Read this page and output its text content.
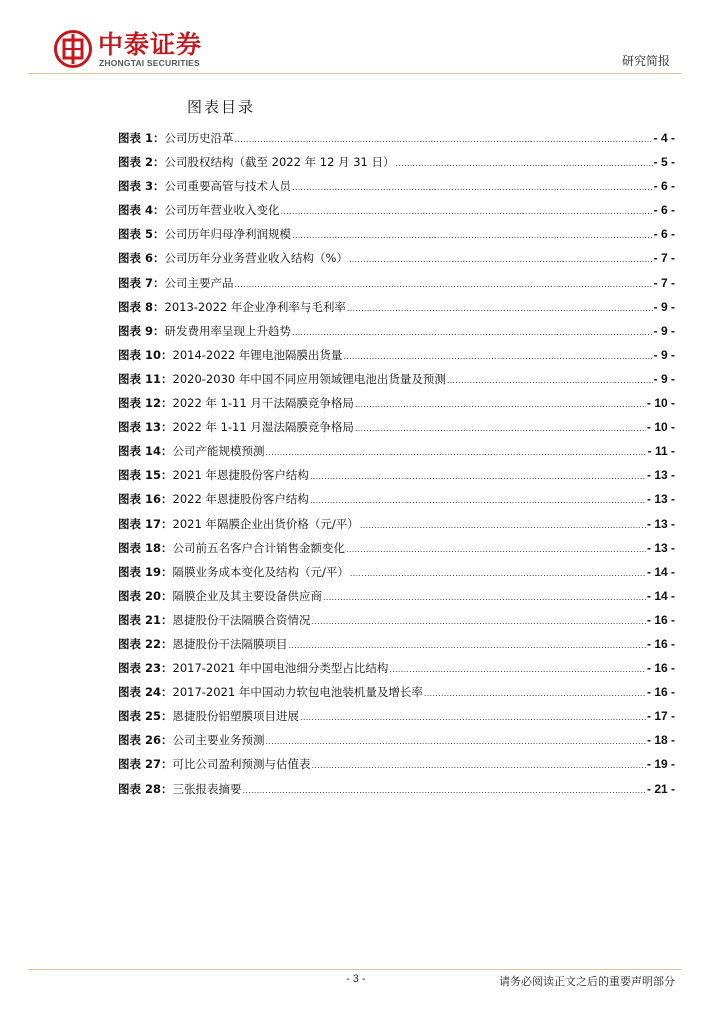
中泰证券
ZHONGTAI SECURITIES	研究简报
图表目录
图表 1：公司历史沿革 .....	- 4 -
图表 2：公司股权结构（截至 2022 年 12 月 31 日） .....	- 5 -
图表 3：公司重要高管与技术人员 .....	- 6 -
图表 4：公司历年营业收入变化 .....	- 6 -
图表 5：公司历年归母净利润规模 .....	- 6 -
图表 6：公司历年分业务营业收入结构（%） .....	- 7 -
图表 7：公司主要产品 .....	- 7 -
图表 8：2013-2022 年企业净利率与毛利率 .....	- 9 -
图表 9：研发费用率呈现上升趋势 .....	- 9 -
图表 10：2014-2022 年锂电池隔膜出货量 .....	- 9 -
图表 11：2020-2030 年中国不同应用领域锂电池出货量及预测 .....	- 9 -
图表 12：2022 年 1-11 月干法隔膜竞争格局 .....	- 10 -
图表 13：2022 年 1-11 月湿法隔膜竞争格局 .....	- 10 -
图表 14：公司产能规模预测 .....	- 11 -
图表 15：2021 年恩捷股份客户结构 .....	- 13 -
图表 16：2022 年恩捷股份客户结构 .....	- 13 -
图表 17：2021 年隔膜企业出货价格（元/平） .....	- 13 -
图表 18：公司前五名客户合计销售金额变化 .....	- 13 -
图表 19：隔膜业务成本变化及结构（元/平） .....	- 14 -
图表 20：隔膜企业及其主要设备供应商 .....	- 14 -
图表 21：恩捷股份干法隔膜合资情况 .....	- 16 -
图表 22：恩捷股份干法隔膜项目 .....	- 16 -
图表 23：2017-2021 年中国电池细分类型占比结构 .....	- 16 -
图表 24：2017-2021 年中国动力软包电池装机量及增长率 .....	- 16 -
图表 25：恩捷股份铝塑膜项目进展 .....	- 17 -
图表 26：公司主要业务预测 .....	- 18 -
图表 27：可比公司盈利预测与估值表 .....	- 19 -
图表 28：三张报表摘要 .....	- 21 -
- 3 -	请务必阅读正文之后的重要声明部分
